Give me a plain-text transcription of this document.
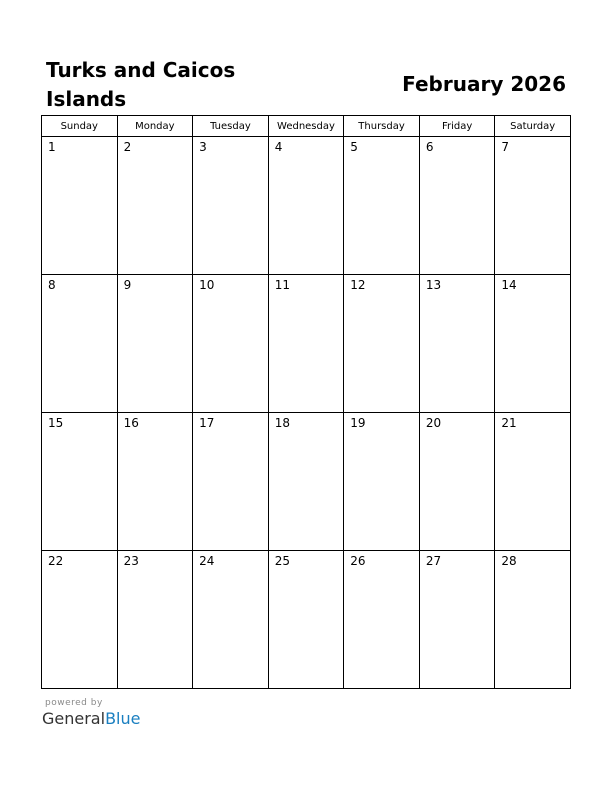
Turks and Caicos Islands
February 2026
Sunday	Monday	Tuesday	Wednesday	Thursday	Friday	Saturday

1	2	3	4	5	6	7

8	9	10	11	12	13	14

15	16	17	18	19	20	21

22	23	24	25	26	27	28
powered by
GeneralBlue
